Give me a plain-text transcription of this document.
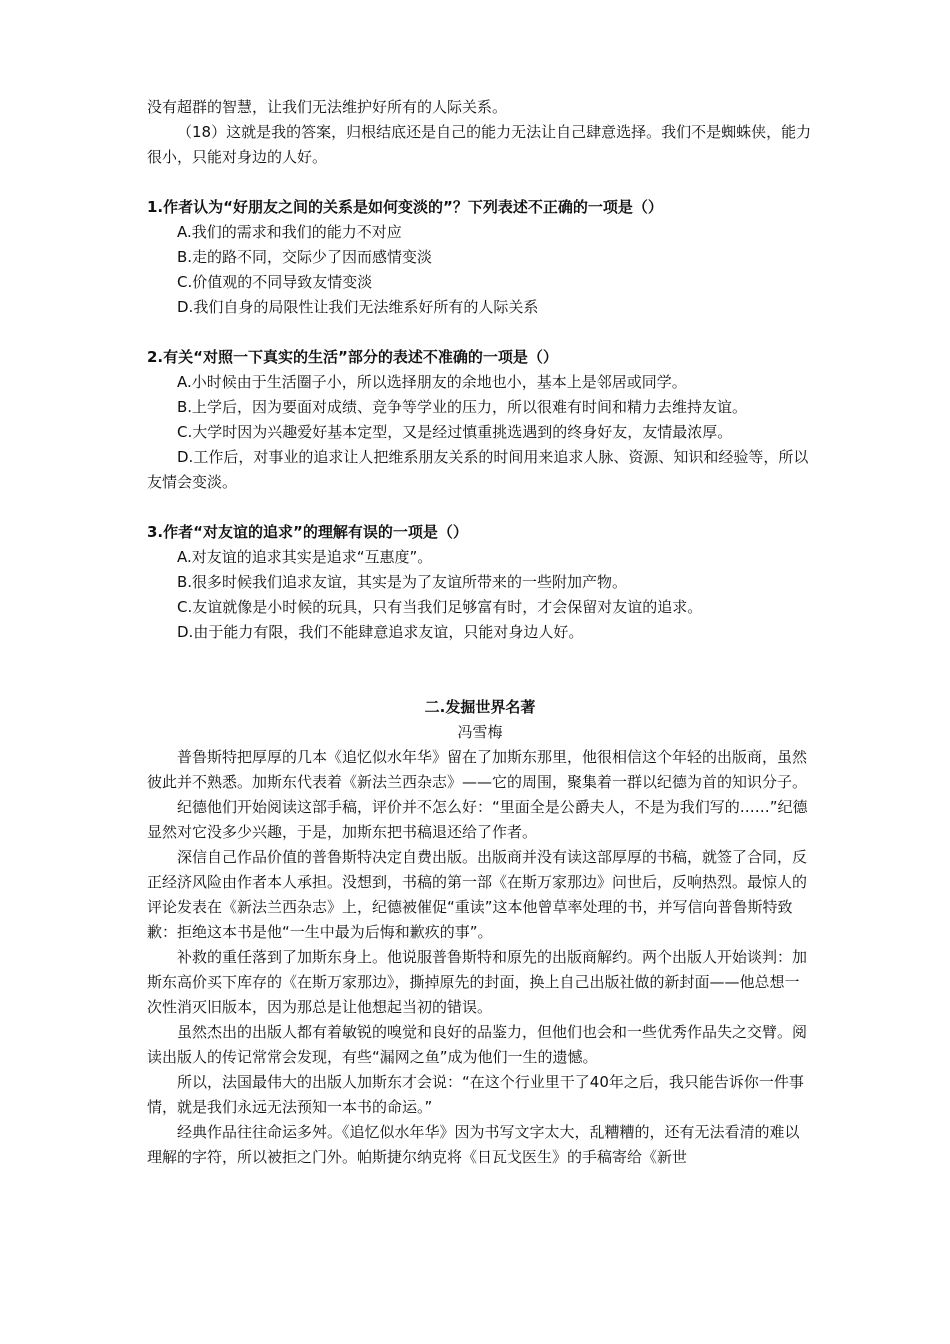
没有超群的智慧，让我们无法维护好所有的人际关系。

（18）这就是我的答案，归根结底还是自己的能力无法让自己肆意选择。我们不是蜘蛛侠，能力很小，只能对身边的人好。

1.作者认为“好朋友之间的关系是如何变淡的”？下列表述不正确的一项是（）

A.我们的需求和我们的能力不对应

B.走的路不同，交际少了因而感情变淡

C.价值观的不同导致友情变淡

D.我们自身的局限性让我们无法维系好所有的人际关系

2.有关“对照一下真实的生活”部分的表述不准确的一项是（）

A.小时候由于生活圈子小，所以选择朋友的余地也小，基本上是邻居或同学。

B.上学后，因为要面对成绩、竞争等学业的压力，所以很难有时间和精力去维持友谊。

C.大学时因为兴趣爱好基本定型，又是经过慎重挑选遇到的终身好友，友情最浓厚。

D.工作后，对事业的追求让人把维系朋友关系的时间用来追求人脉、资源、知识和经验等，所以友情会变淡。

3.作者“对友谊的追求”的理解有误的一项是（）

A.对友谊的追求其实是追求“互惠度”。

B.很多时候我们追求友谊，其实是为了友谊所带来的一些附加产物。

C.友谊就像是小时候的玩具，只有当我们足够富有时，才会保留对友谊的追求。

D.由于能力有限，我们不能肆意追求友谊，只能对身边人好。

二.发掘世界名著

冯雪梅

普鲁斯特把厚厚的几本《追忆似水年华》留在了加斯东那里，他很相信这个年轻的出版商，虽然彼此并不熟悉。加斯东代表着《新法兰西杂志》——它的周围，聚集着一群以纪德为首的知识分子。

纪德他们开始阅读这部手稿，评价并不怎么好：“里面全是公爵夫人，不是为我们写的……”纪德显然对它没多少兴趣，于是，加斯东把书稿退还给了作者。

深信自己作品价值的普鲁斯特决定自费出版。出版商并没有读这部厚厚的书稿，就签了合同，反正经济风险由作者本人承担。没想到，书稿的第一部《在斯万家那边》问世后，反响热烈。最惊人的评论发表在《新法兰西杂志》上，纪德被催促“重读”这本他曾草率处理的书，并写信向普鲁斯特致歉：拒绝这本书是他“一生中最为后悔和歉疚的事”。

补救的重任落到了加斯东身上。他说服普鲁斯特和原先的出版商解约。两个出版人开始谈判：加斯东高价买下库存的《在斯万家那边》，撕掉原先的封面，换上自己出版社做的新封面——他总想一次性消灭旧版本，因为那总是让他想起当初的错误。

虽然杰出的出版人都有着敏锐的嗅觉和良好的品鉴力，但他们也会和一些优秀作品失之交臂。阅读出版人的传记常常会发现，有些“漏网之鱼”成为他们一生的遗憾。

所以，法国最伟大的出版人加斯东才会说：“在这个行业里干了40年之后，我只能告诉你一件事情，就是我们永远无法预知一本书的命运。”

经典作品往往命运多舛。《追忆似水年华》因为书写文字太大，乱糟糟的，还有无法看清的难以理解的字符，所以被拒之门外。帕斯捷尔纳克将《日瓦戈医生》的手稿寄给《新世
